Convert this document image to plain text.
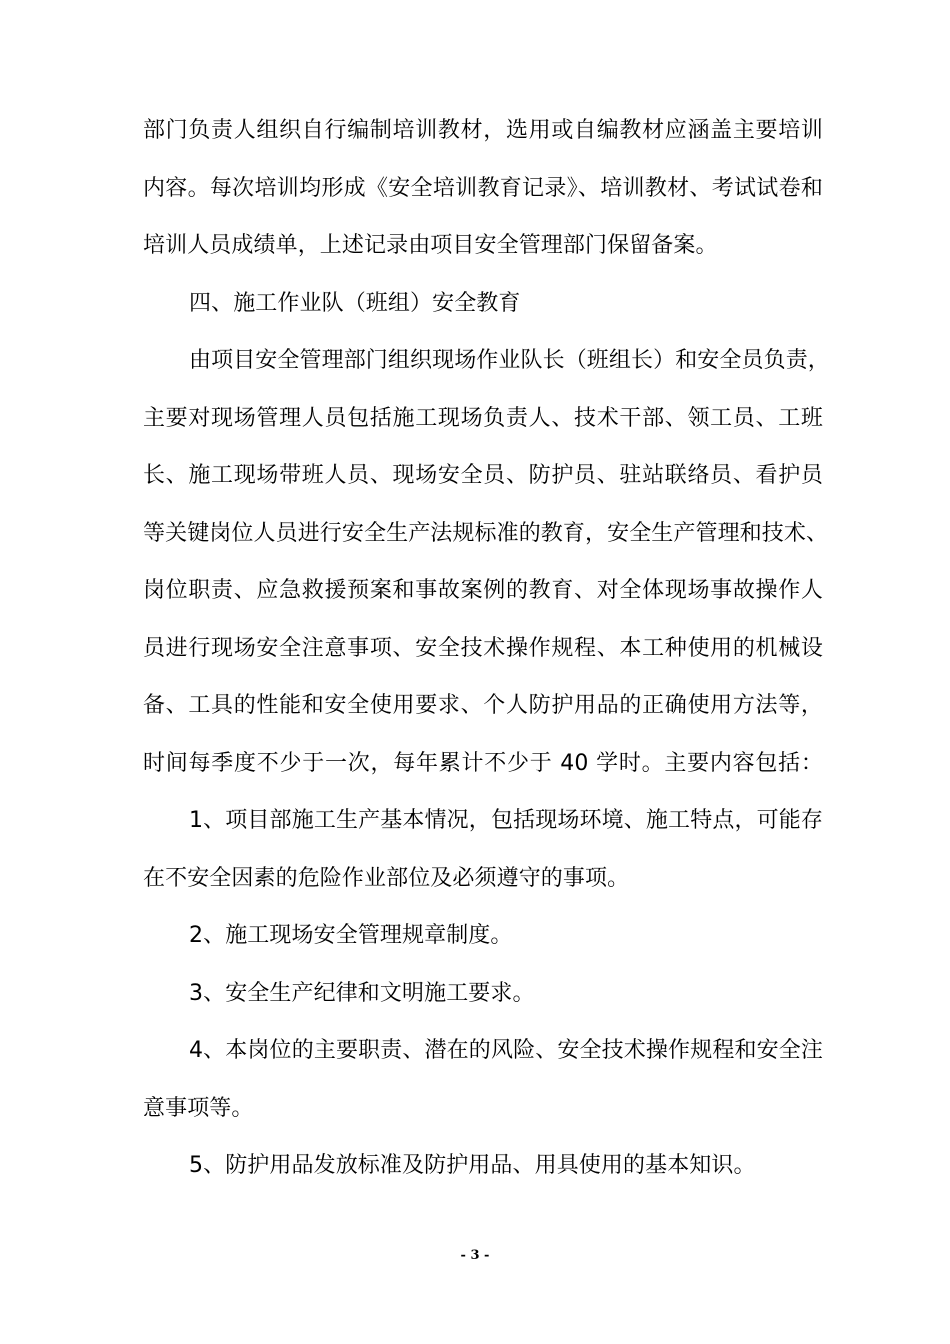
部门负责人组织自行编制培训教材，选用或自编教材应涵盖主要培训
内容。每次培训均形成《安全培训教育记录》、培训教材、考试试卷和
培训人员成绩单，上述记录由项目安全管理部门保留备案。
四、施工作业队（班组）安全教育
由项目安全管理部门组织现场作业队长（班组长）和安全员负责，
主要对现场管理人员包括施工现场负责人、技术干部、领工员、工班
长、施工现场带班人员、现场安全员、防护员、驻站联络员、看护员
等关键岗位人员进行安全生产法规标准的教育，安全生产管理和技术、
岗位职责、应急救援预案和事故案例的教育、对全体现场事故操作人
员进行现场安全注意事项、安全技术操作规程、本工种使用的机械设
备、工具的性能和安全使用要求、个人防护用品的正确使用方法等，
时间每季度不少于一次，每年累计不少于 40 学时。主要内容包括：
1、项目部施工生产基本情况，包括现场环境、施工特点，可能存
在不安全因素的危险作业部位及必须遵守的事项。
2、施工现场安全管理规章制度。
3、安全生产纪律和文明施工要求。
4、本岗位的主要职责、潜在的风险、安全技术操作规程和安全注
意事项等。
5、防护用品发放标准及防护用品、用具使用的基本知识。
- 3 -
